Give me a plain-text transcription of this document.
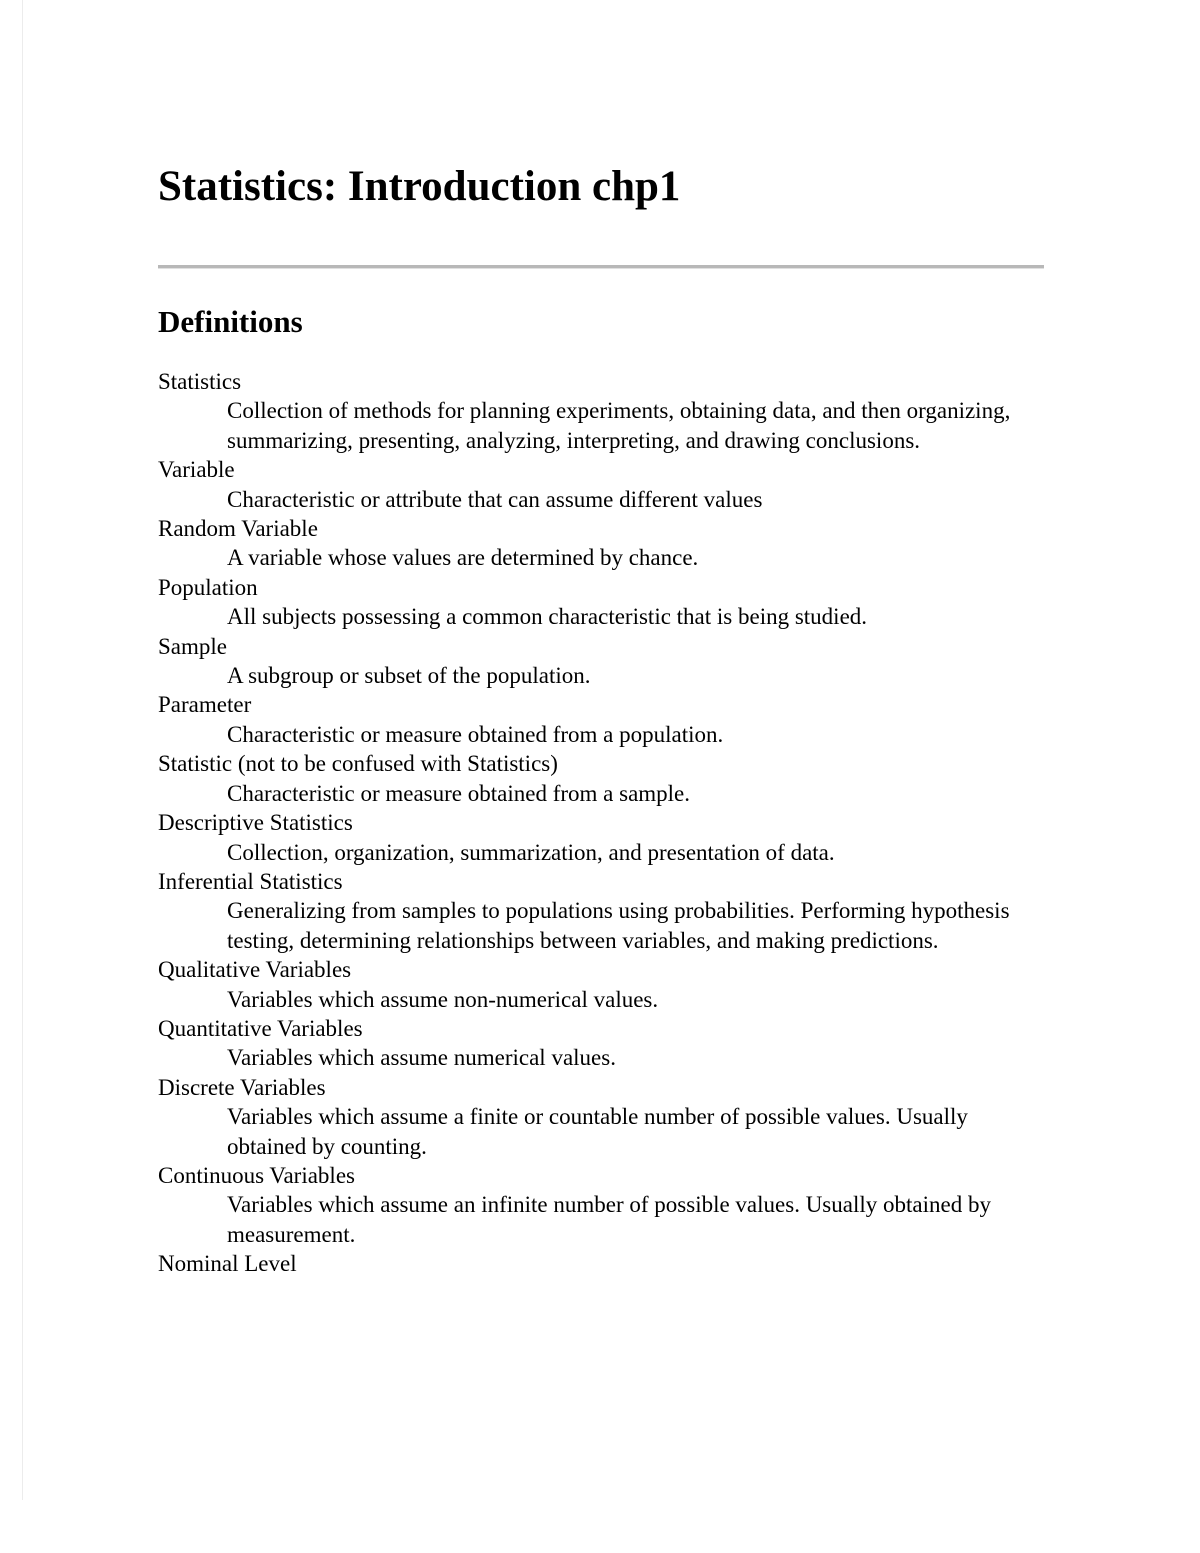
Statistics: Introduction chp1
Definitions
Statistics
Collection of methods for planning experiments, obtaining data, and then organizing, summarizing, presenting, analyzing, interpreting, and drawing conclusions.
Variable
Characteristic or attribute that can assume different values
Random Variable
A variable whose values are determined by chance.
Population
All subjects possessing a common characteristic that is being studied.
Sample
A subgroup or subset of the population.
Parameter
Characteristic or measure obtained from a population.
Statistic (not to be confused with Statistics)
Characteristic or measure obtained from a sample.
Descriptive Statistics
Collection, organization, summarization, and presentation of data.
Inferential Statistics
Generalizing from samples to populations using probabilities. Performing hypothesis testing, determining relationships between variables, and making predictions.
Qualitative Variables
Variables which assume non-numerical values.
Quantitative Variables
Variables which assume numerical values.
Discrete Variables
Variables which assume a finite or countable number of possible values. Usually obtained by counting.
Continuous Variables
Variables which assume an infinite number of possible values. Usually obtained by measurement.
Nominal Level
